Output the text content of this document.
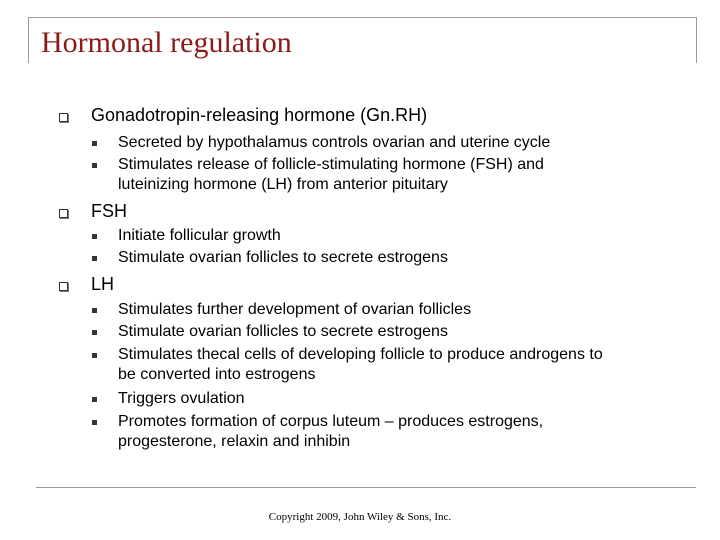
Hormonal regulation
Gonadotropin-releasing hormone (Gn.RH)
Secreted by hypothalamus controls ovarian and uterine cycle
Stimulates release of follicle-stimulating hormone (FSH) and
luteinizing hormone (LH) from anterior pituitary
FSH
Initiate follicular growth
Stimulate ovarian follicles to secrete estrogens
LH
Stimulates further development of ovarian follicles
Stimulate ovarian follicles to secrete estrogens
Stimulates thecal cells of developing follicle to produce androgens to
be converted into estrogens
Triggers ovulation
Promotes formation of corpus luteum – produces estrogens,
progesterone, relaxin and inhibin
Copyright 2009, John Wiley & Sons, Inc.
